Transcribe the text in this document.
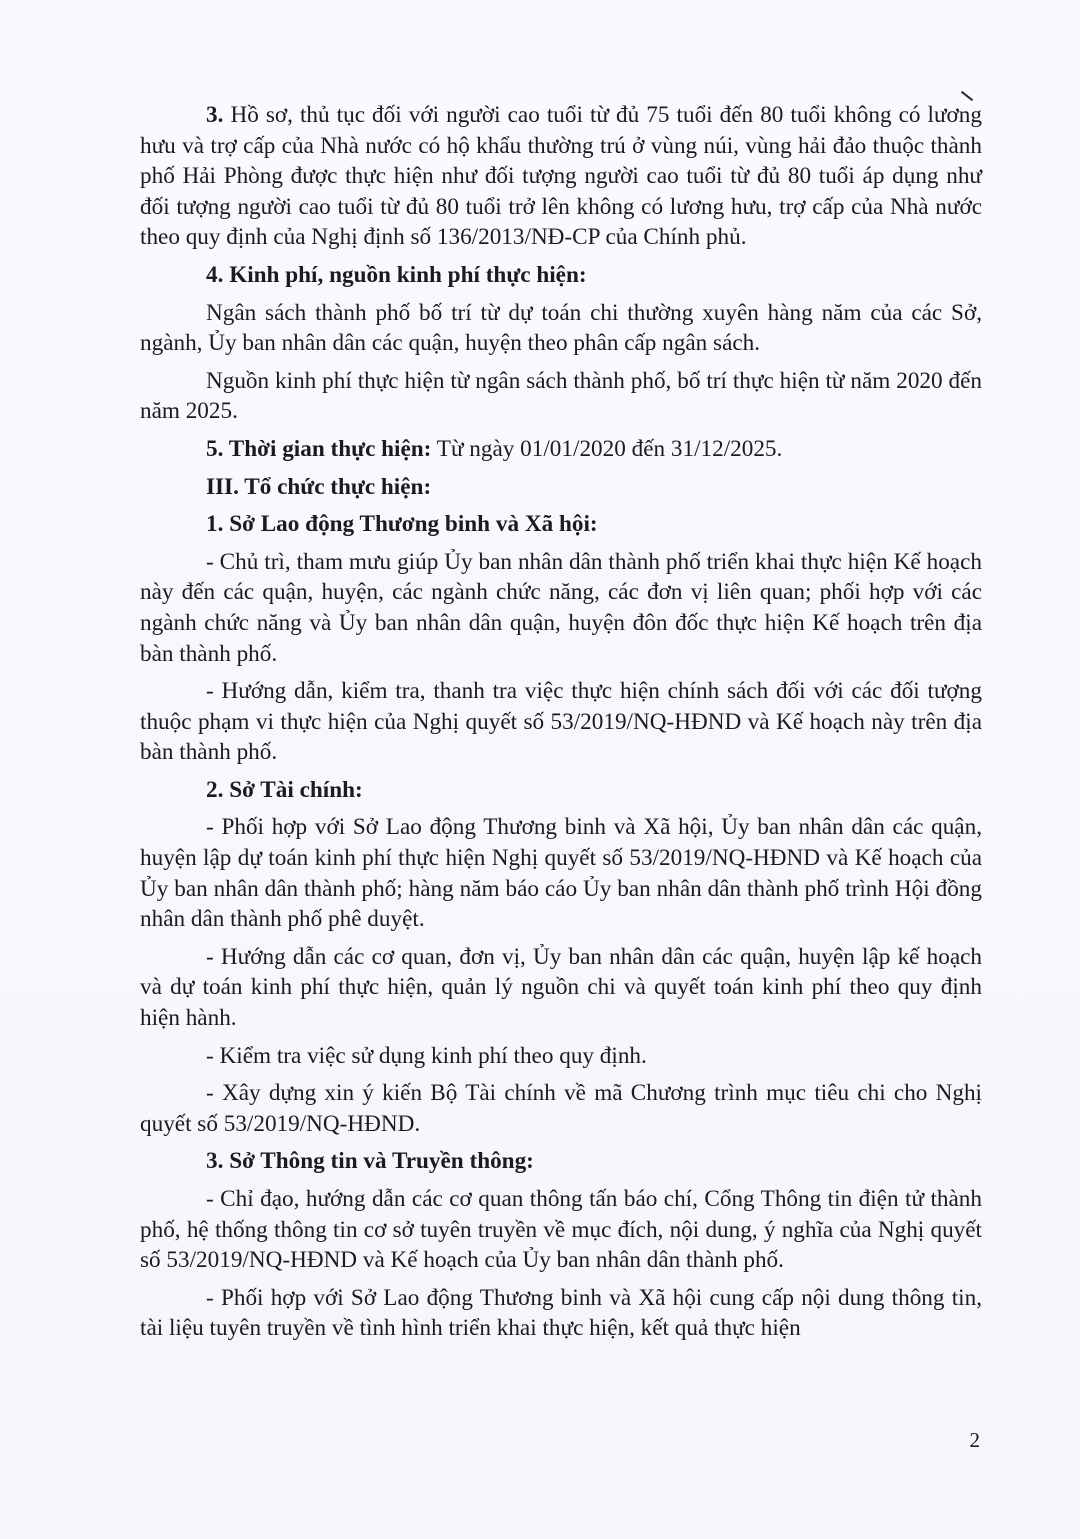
3. Hồ sơ, thủ tục đối với người cao tuổi từ đủ 75 tuổi đến 80 tuổi không có lương hưu và trợ cấp của Nhà nước có hộ khẩu thường trú ở vùng núi, vùng hải đảo thuộc thành phố Hải Phòng được thực hiện như đối tượng người cao tuổi từ đủ 80 tuổi áp dụng như đối tượng người cao tuổi từ đủ 80 tuổi trở lên không có lương hưu, trợ cấp của Nhà nước theo quy định của Nghị định số 136/2013/NĐ-CP của Chính phủ.

4. Kinh phí, nguồn kinh phí thực hiện:

Ngân sách thành phố bố trí từ dự toán chi thường xuyên hàng năm của các Sở, ngành, Ủy ban nhân dân các quận, huyện theo phân cấp ngân sách.

Nguồn kinh phí thực hiện từ ngân sách thành phố, bố trí thực hiện từ năm 2020 đến năm 2025.

5. Thời gian thực hiện: Từ ngày 01/01/2020 đến 31/12/2025.

III. Tổ chức thực hiện:

1. Sở Lao động Thương binh và Xã hội:

- Chủ trì, tham mưu giúp Ủy ban nhân dân thành phố triển khai thực hiện Kế hoạch này đến các quận, huyện, các ngành chức năng, các đơn vị liên quan; phối hợp với các ngành chức năng và Ủy ban nhân dân quận, huyện đôn đốc thực hiện Kế hoạch trên địa bàn thành phố.

- Hướng dẫn, kiểm tra, thanh tra việc thực hiện chính sách đối với các đối tượng thuộc phạm vi thực hiện của Nghị quyết số 53/2019/NQ-HĐND và Kế hoạch này trên địa bàn thành phố.

2. Sở Tài chính:

- Phối hợp với Sở Lao động Thương binh và Xã hội, Ủy ban nhân dân các quận, huyện lập dự toán kinh phí thực hiện Nghị quyết số 53/2019/NQ-HĐND và Kế hoạch của Ủy ban nhân dân thành phố; hàng năm báo cáo Ủy ban nhân dân thành phố trình Hội đồng nhân dân thành phố phê duyệt.

- Hướng dẫn các cơ quan, đơn vị, Ủy ban nhân dân các quận, huyện lập kế hoạch và dự toán kinh phí thực hiện, quản lý nguồn chi và quyết toán kinh phí theo quy định hiện hành.

- Kiểm tra việc sử dụng kinh phí theo quy định.

- Xây dựng xin ý kiến Bộ Tài chính về mã Chương trình mục tiêu chi cho Nghị quyết số 53/2019/NQ-HĐND.

3. Sở Thông tin và Truyền thông:

- Chỉ đạo, hướng dẫn các cơ quan thông tấn báo chí, Cổng Thông tin điện tử thành phố, hệ thống thông tin cơ sở tuyên truyền về mục đích, nội dung, ý nghĩa của Nghị quyết số 53/2019/NQ-HĐND và Kế hoạch của Ủy ban nhân dân thành phố.

- Phối hợp với Sở Lao động Thương binh và Xã hội cung cấp nội dung thông tin, tài liệu tuyên truyền về tình hình triển khai thực hiện, kết quả thực hiện

2
